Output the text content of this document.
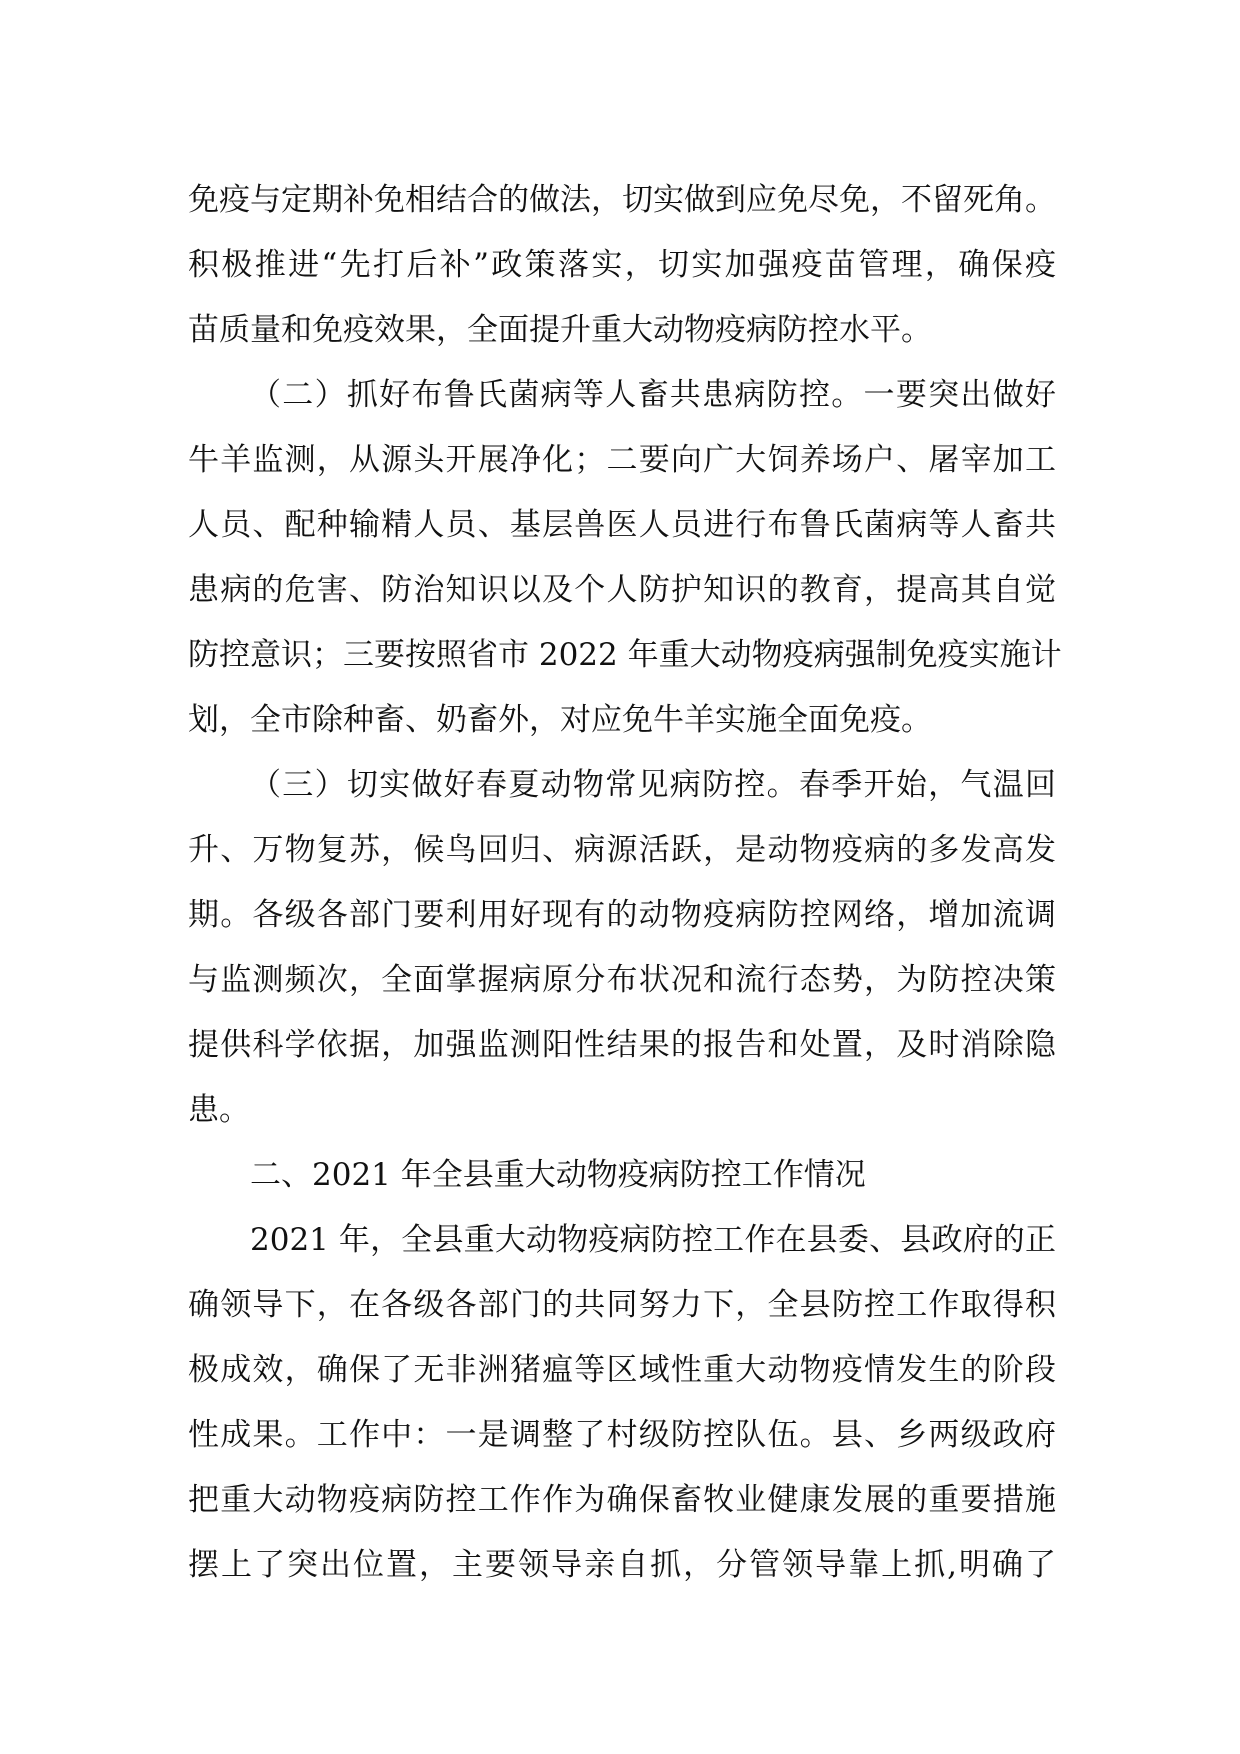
免疫与定期补免相结合的做法，切实做到应免尽免，不留死角。
积极推进“先打后补”政策落实，切实加强疫苗管理，确保疫
苗质量和免疫效果，全面提升重大动物疫病防控水平。
（二）抓好布鲁氏菌病等人畜共患病防控。一要突出做好
牛羊监测，从源头开展净化；二要向广大饲养场户、屠宰加工
人员、配种输精人员、基层兽医人员进行布鲁氏菌病等人畜共
患病的危害、防治知识以及个人防护知识的教育，提高其自觉
防控意识；三要按照省市 2022 年重大动物疫病强制免疫实施计
划，全市除种畜、奶畜外，对应免牛羊实施全面免疫。
（三）切实做好春夏动物常见病防控。春季开始，气温回
升、万物复苏，候鸟回归、病源活跃，是动物疫病的多发高发
期。各级各部门要利用好现有的动物疫病防控网络，增加流调
与监测频次，全面掌握病原分布状况和流行态势，为防控决策
提供科学依据，加强监测阳性结果的报告和处置，及时消除隐
患。
二、2021 年全县重大动物疫病防控工作情况
2021 年，全县重大动物疫病防控工作在县委、县政府的正
确领导下，在各级各部门的共同努力下，全县防控工作取得积
极成效，确保了无非洲猪瘟等区域性重大动物疫情发生的阶段
性成果。工作中：一是调整了村级防控队伍。县、乡两级政府
把重大动物疫病防控工作作为确保畜牧业健康发展的重要措施
摆上了突出位置，主要领导亲自抓，分管领导靠上抓,明确了
